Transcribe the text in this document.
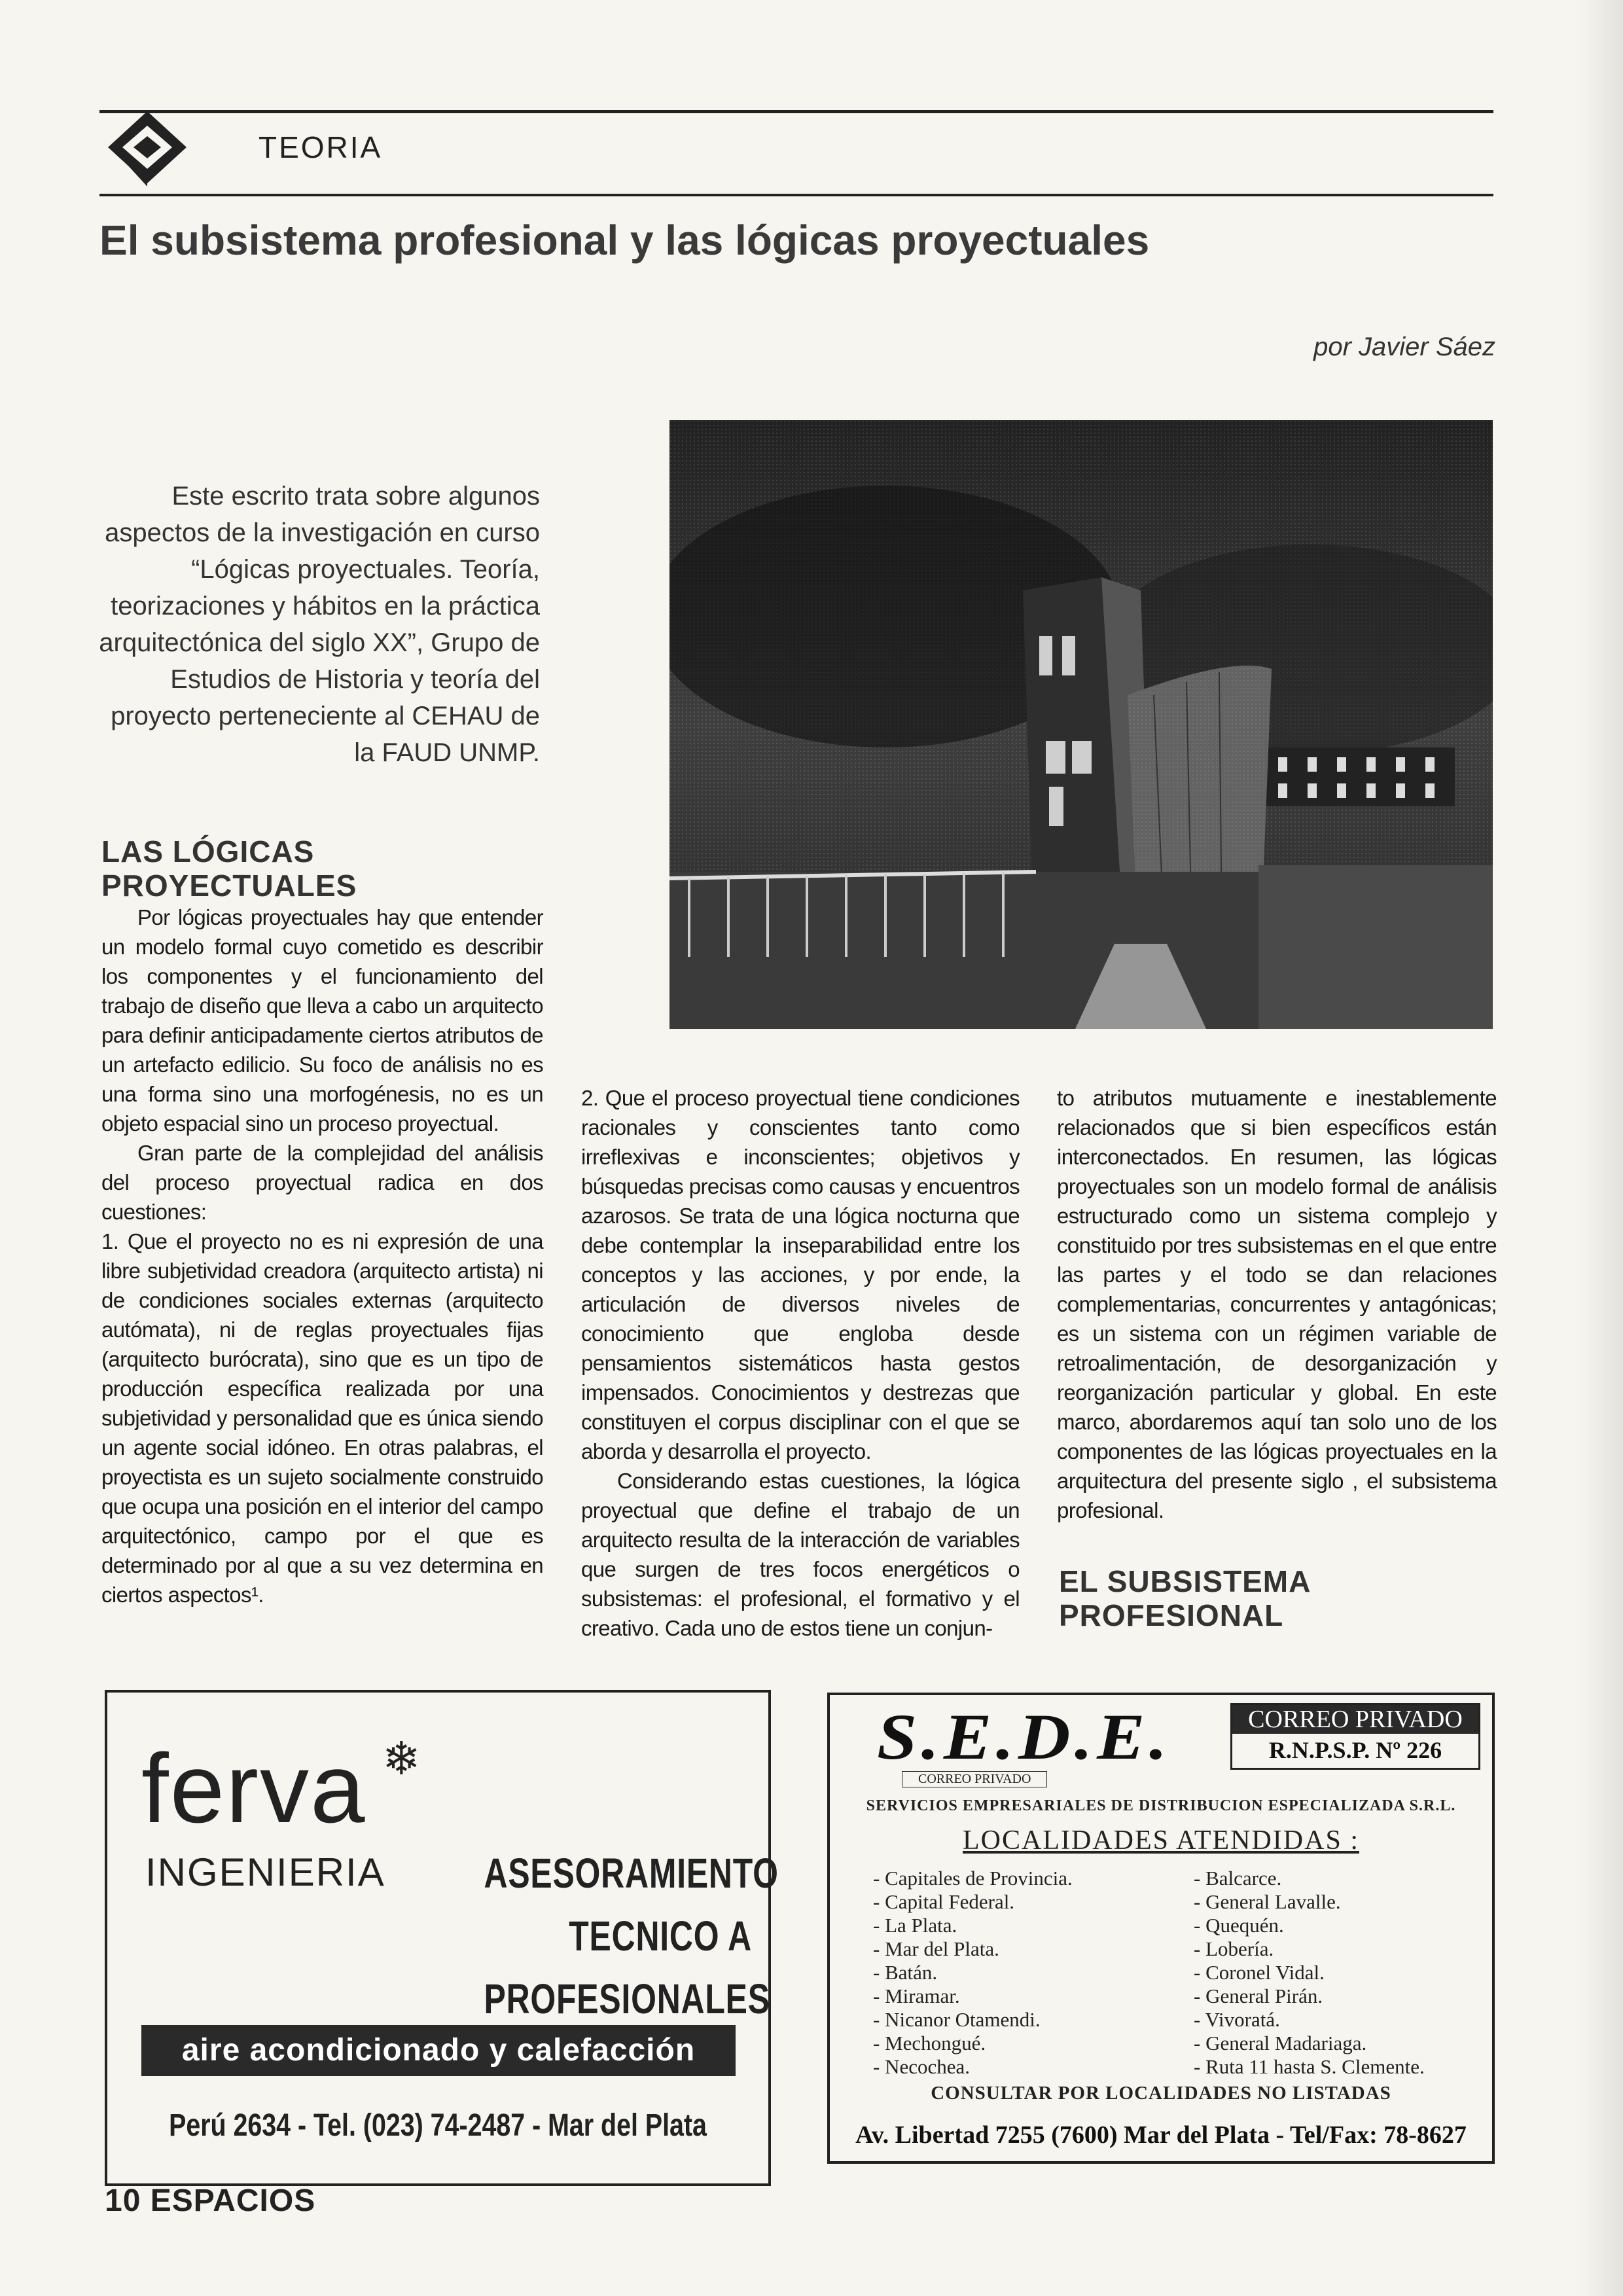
TEORIA
El subsistema profesional y las lógicas proyectuales
por Javier Sáez
Este escrito trata sobre algunos
aspectos de la investigación en curso
“Lógicas proyectuales. Teoría,
teorizaciones y hábitos en la práctica
arquitectónica del siglo XX”, Grupo de
Estudios de Historia y teoría del
proyecto perteneciente al CEHAU de
la FAUD UNMP.
LAS LÓGICAS
PROYECTUALES

Por lógicas proyectuales hay que entender un modelo formal cuyo cometido es describir los componentes y el funcionamiento del trabajo de diseño que lleva a cabo un arquitecto para definir anticipadamente ciertos atributos de un artefacto edilicio. Su foco de análisis no es una forma sino una morfogénesis, no es un objeto espacial sino un proceso proyectual.

Gran parte de la complejidad del análisis del proceso proyectual radica en dos cuestiones:

1. Que el proyecto no es ni expresión de una libre subjetividad creadora (arquitecto artista) ni de condiciones sociales externas (arquitecto autómata), ni de reglas proyectuales fijas (arquitecto burócrata), sino que es un tipo de producción específica realizada por una subjetividad y personalidad que es única siendo un agente social idóneo. En otras palabras, el proyectista es un sujeto socialmente construido que ocupa una posición en el interior del campo arquitectónico, campo por el que es determinado por al que a su vez determina en ciertos aspectos¹.

2. Que el proceso proyectual tiene condiciones racionales y conscientes tanto como irreflexivas e inconscientes; objetivos y búsquedas precisas como causas y encuentros azarosos. Se trata de una lógica nocturna que debe contemplar la inseparabilidad entre los conceptos y las acciones, y por ende, la articulación de diversos niveles de conocimiento que engloba desde pensamientos sistemáticos hasta gestos impensados. Conocimientos y destrezas que constituyen el corpus disciplinar con el que se aborda y desarrolla el proyecto.

Considerando estas cuestiones, la lógica proyectual que define el trabajo de un arquitecto resulta de la interacción de variables que surgen de tres focos energéticos o subsistemas: el profesional, el formativo y el creativo. Cada uno de estos tiene un conjun-

to atributos mutuamente e inestablemente relacionados que si bien específicos están interconectados. En resumen, las lógicas proyectuales son un modelo formal de análisis estructurado como un sistema complejo y constituido por tres subsistemas en el que entre las partes y el todo se dan relaciones complementarias, concurrentes y antagónicas; es un sistema con un régimen variable de retroalimentación, de desorganización y reorganización particular y global. En este marco, abordaremos aquí tan solo uno de los componentes de las lógicas proyectuales en la arquitectura del presente siglo , el subsistema profesional.

EL SUBSISTEMA
PROFESIONAL
ferva ❄
INGENIERIA ASESORAMIENTO
TECNICO A
PROFESIONALES
aire acondicionado y calefacción
Perú 2634 - Tel. (023) 74-2487 - Mar del Plata
S.E.D.E.
CORREO PRIVADO
CORREO PRIVADO
R.N.P.S.P. Nº 226
SERVICIOS EMPRESARIALES DE DISTRIBUCION ESPECIALIZADA S.R.L.
LOCALIDADES ATENDIDAS :
- Capitales de Provincia.
- Capital Federal.
- La Plata.
- Mar del Plata.
- Batán.
- Miramar.
- Nicanor Otamendi.
- Mechongué.
- Necochea.
- Balcarce.
- General Lavalle.
- Quequén.
- Lobería.
- Coronel Vidal.
- General Pirán.
- Vivoratá.
- General Madariaga.
- Ruta 11 hasta S. Clemente.
CONSULTAR POR LOCALIDADES NO LISTADAS
Av. Libertad 7255 (7600) Mar del Plata - Tel/Fax: 78-8627
10 ESPACIOS
